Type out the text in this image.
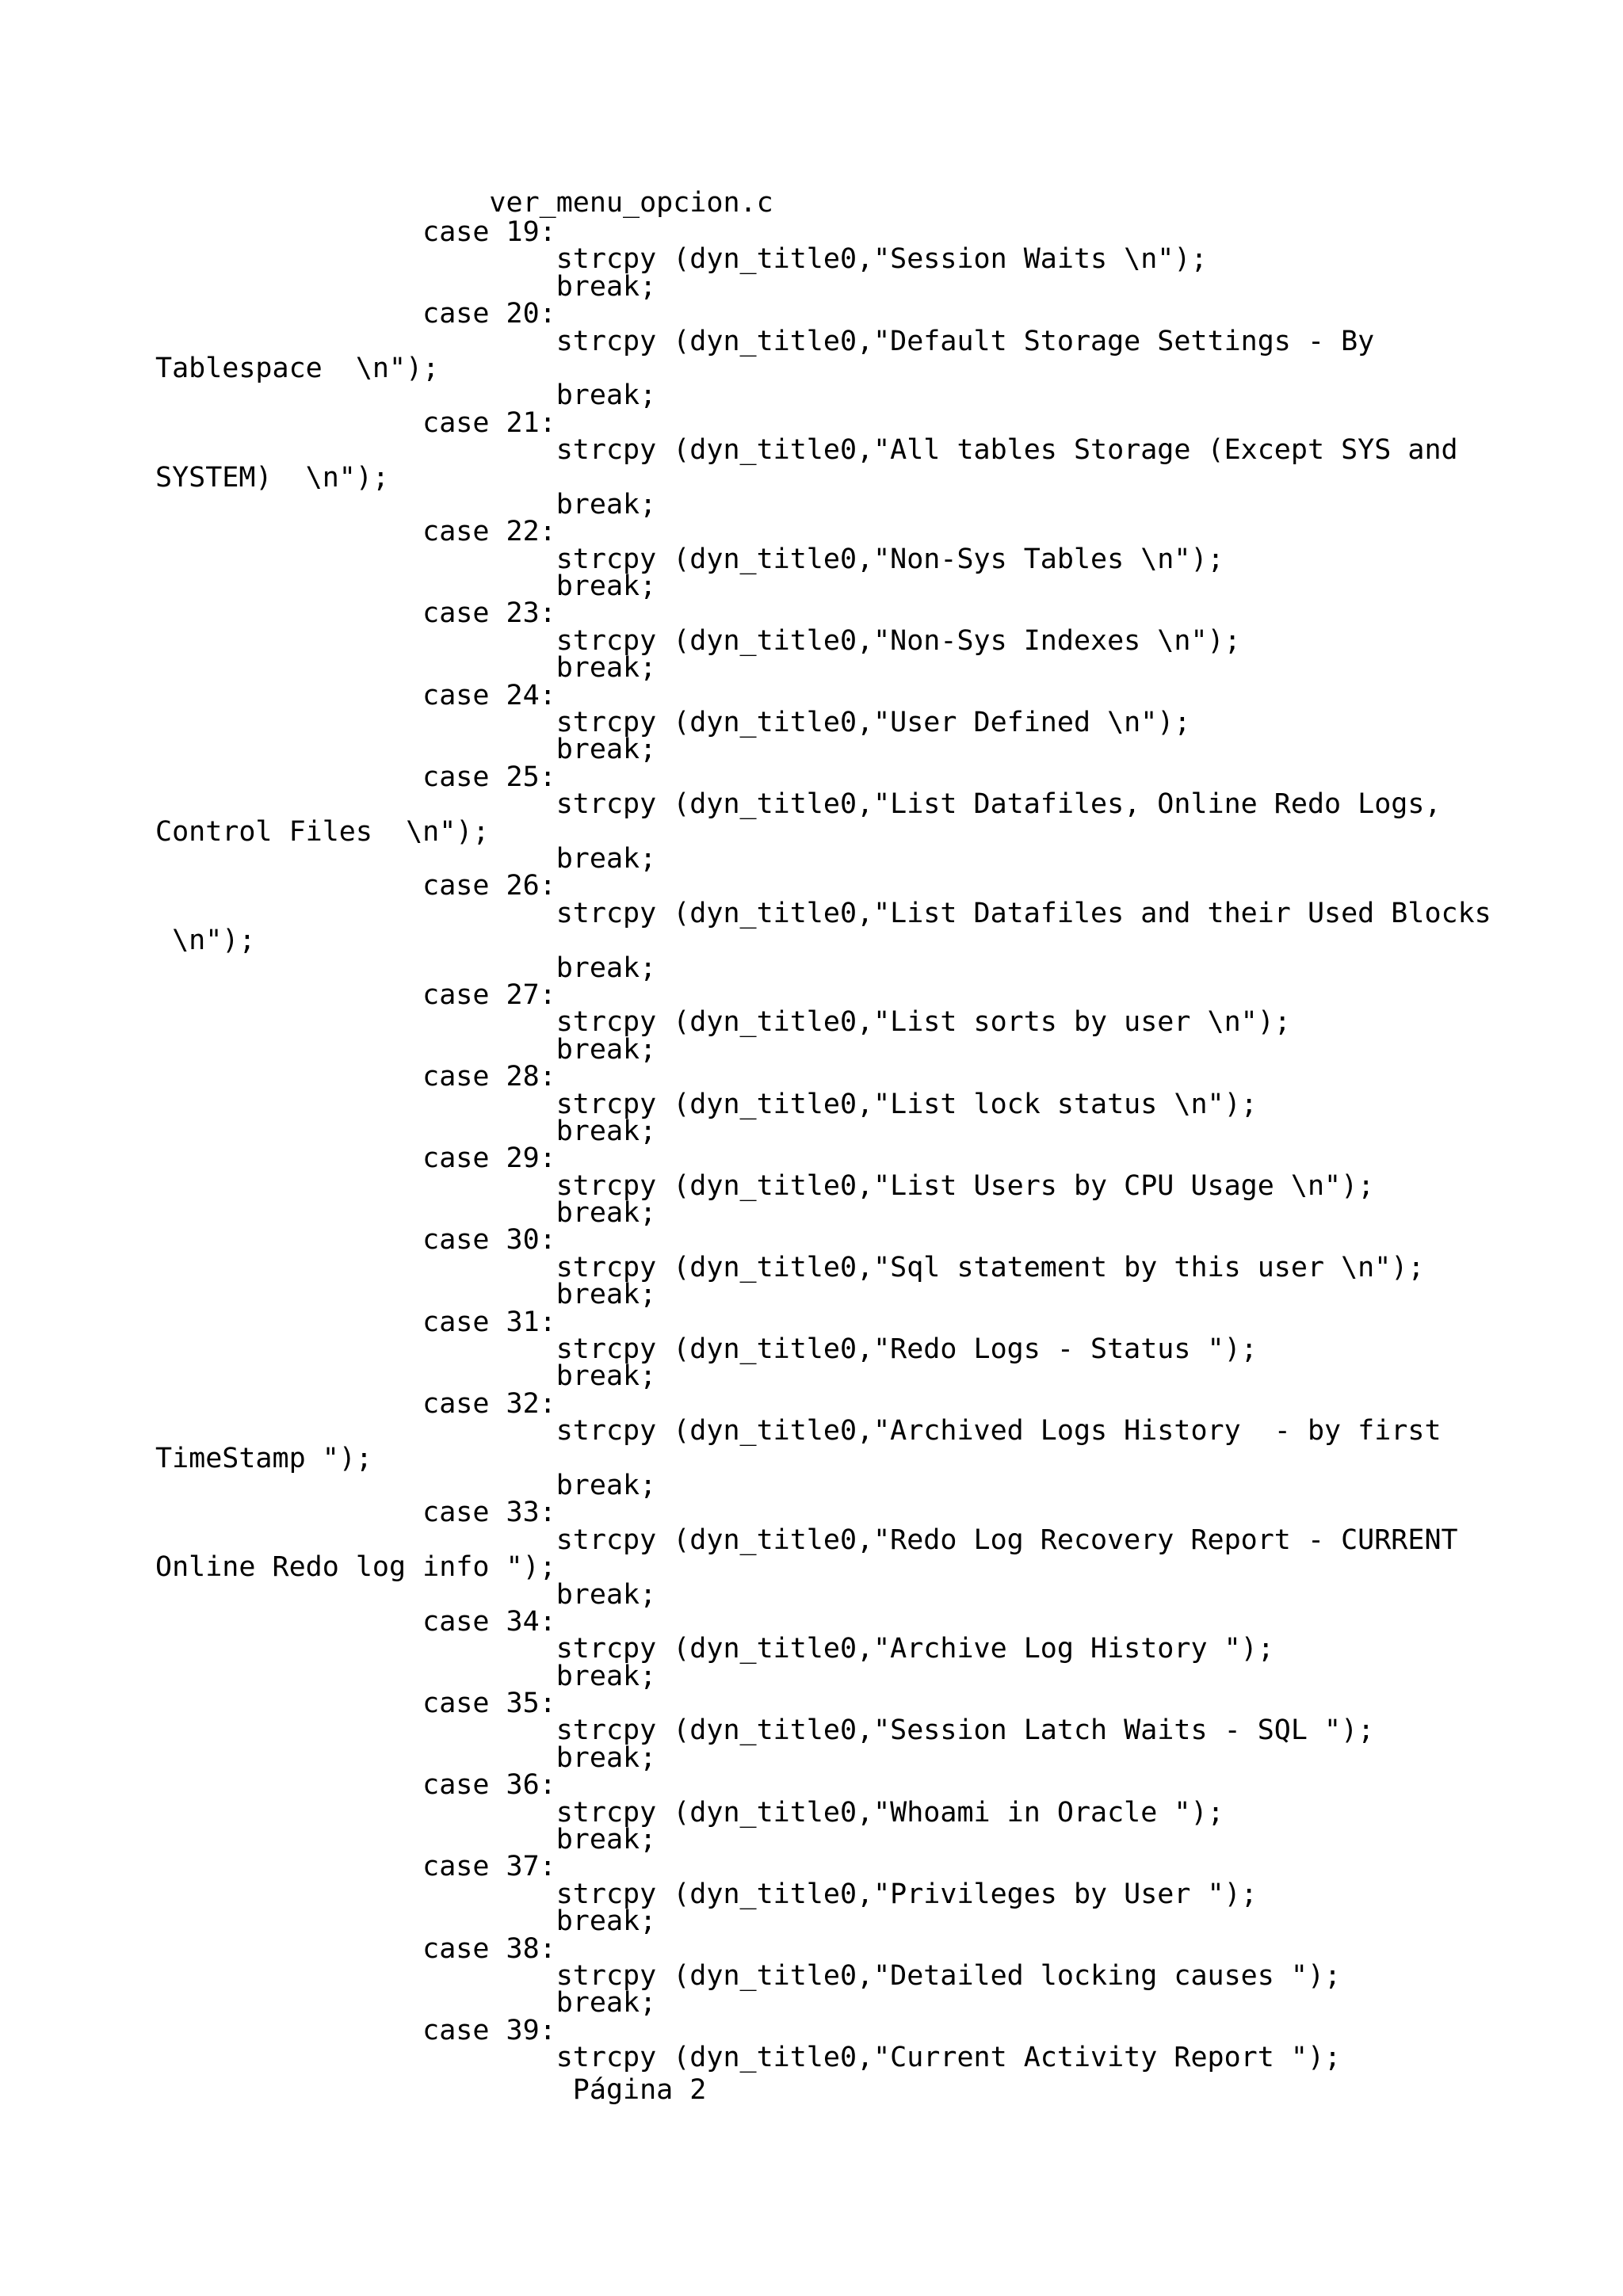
ver_menu_opcion.c
case 19:
strcpy (dyn_title0,"Session Waits \n");
break;
case 20:
strcpy (dyn_title0,"Default Storage Settings - By
Tablespace  \n");
break;
case 21:
strcpy (dyn_title0,"All tables Storage (Except SYS and
SYSTEM)  \n");
break;
case 22:
strcpy (dyn_title0,"Non-Sys Tables \n");
break;
case 23:
strcpy (dyn_title0,"Non-Sys Indexes \n");
break;
case 24:
strcpy (dyn_title0,"User Defined \n");
break;
case 25:
strcpy (dyn_title0,"List Datafiles, Online Redo Logs,
Control Files  \n");
break;
case 26:
strcpy (dyn_title0,"List Datafiles and their Used Blocks
\n");
break;
case 27:
strcpy (dyn_title0,"List sorts by user \n");
break;
case 28:
strcpy (dyn_title0,"List lock status \n");
break;
case 29:
strcpy (dyn_title0,"List Users by CPU Usage \n");
break;
case 30:
strcpy (dyn_title0,"Sql statement by this user \n");
break;
case 31:
strcpy (dyn_title0,"Redo Logs - Status ");
break;
case 32:
strcpy (dyn_title0,"Archived Logs History  - by first
TimeStamp ");
break;
case 33:
strcpy (dyn_title0,"Redo Log Recovery Report - CURRENT
Online Redo log info ");
break;
case 34:
strcpy (dyn_title0,"Archive Log History ");
break;
case 35:
strcpy (dyn_title0,"Session Latch Waits - SQL ");
break;
case 36:
strcpy (dyn_title0,"Whoami in Oracle ");
break;
case 37:
strcpy (dyn_title0,"Privileges by User ");
break;
case 38:
strcpy (dyn_title0,"Detailed locking causes ");
break;
case 39:
strcpy (dyn_title0,"Current Activity Report ");
Página 2
